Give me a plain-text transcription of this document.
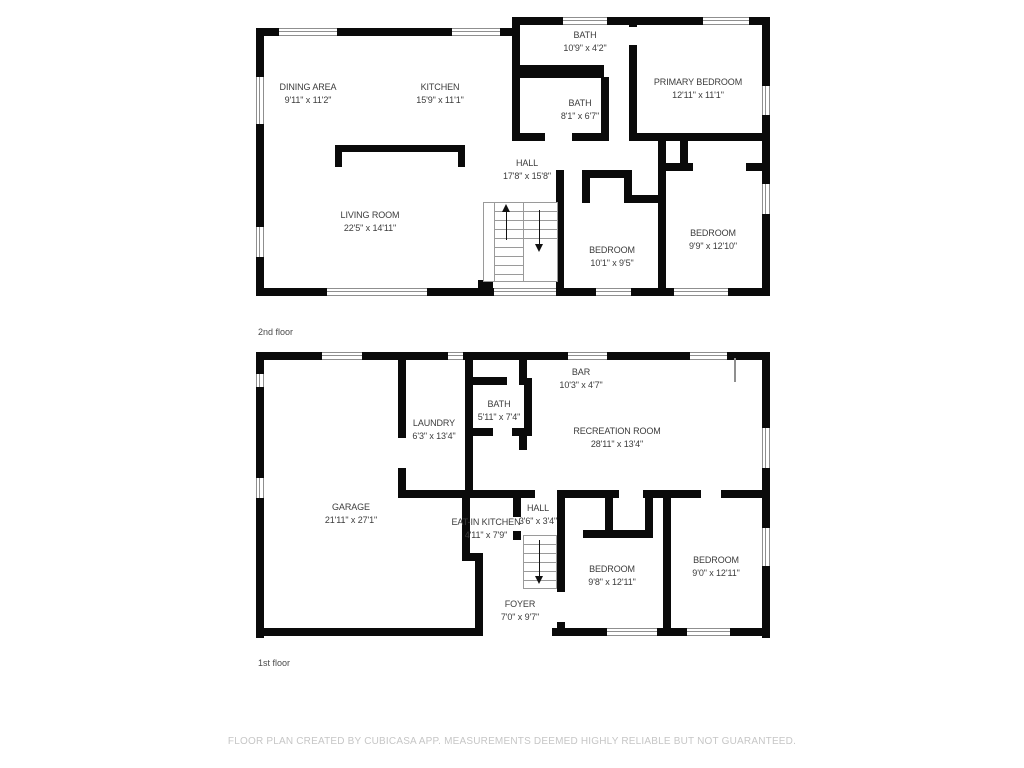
DINING AREA
9'11" x 11'2"
KITCHEN
15'9" x 11'1"
BATH
10'9" x 4'2"
BATH
8'1" x 6'7"
PRIMARY BEDROOM
12'11" x 11'1"
HALL
17'8" x 15'8"
LIVING ROOM
22'5" x 14'11"
BEDROOM
10'1" x 9'5"
BEDROOM
9'9" x 12'10"
BAR
10'3" x 4'7"
BATH
5'11" x 7'4"
LAUNDRY
6'3" x 13'4"	RECREATION ROOM
28'11" x 13'4"
GARAGE
21'11" x 27'1"	EAT-IN KITCHEN
4'11" x 7'9"
HALL
3'6" x 3'4"
FOYER
7'0" x 9'7"
BEDROOM
9'8" x 12'11"
BEDROOM
9'0" x 12'11"
2nd floor
1st floor
FLOOR PLAN CREATED BY CUBICASA APP. MEASUREMENTS DEEMED HIGHLY RELIABLE BUT NOT GUARANTEED.
